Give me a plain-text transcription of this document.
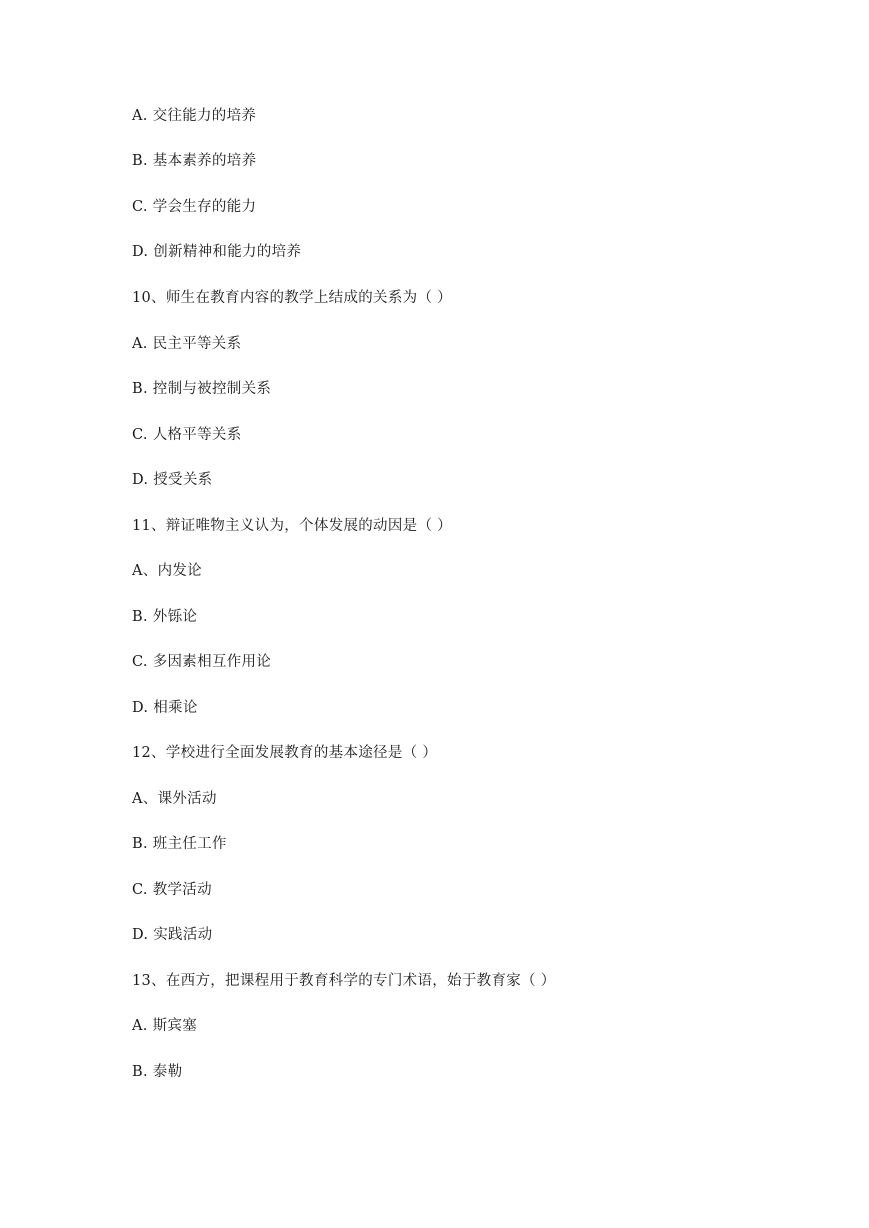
A. 交往能力的培养
B. 基本素养的培养
C. 学会生存的能力
D. 创新精神和能力的培养
10、师生在教育内容的教学上结成的关系为（ ）
A. 民主平等关系
B. 控制与被控制关系
C. 人格平等关系
D. 授受关系
11、辩证唯物主义认为，个体发展的动因是（ ）
A、内发论
B. 外铄论
C. 多因素相互作用论
D. 相乘论
12、学校进行全面发展教育的基本途径是（ ）
A、课外活动
B. 班主任工作
C. 教学活动
D. 实践活动
13、在西方，把课程用于教育科学的专门术语，始于教育家（ ）
A. 斯宾塞
B. 泰勒
